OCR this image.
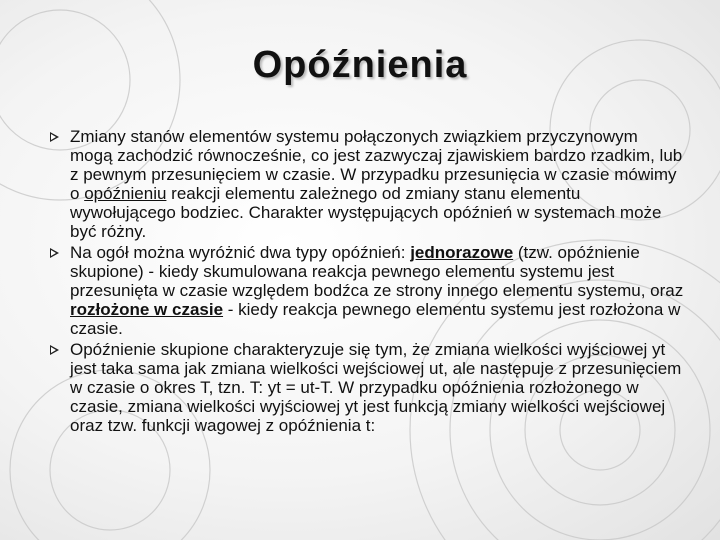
Opóźnienia
Zmiany stanów elementów systemu połączonych związkiem przyczynowym mogą zachodzić równocześnie, co jest zazwyczaj zjawiskiem bardzo rzadkim, lub z pewnym przesunięciem w czasie. W przypadku przesunięcia w czasie mówimy o opóźnieniu reakcji elementu zależnego od zmiany stanu elementu wywołującego bodziec. Charakter występujących opóźnień w systemach może być różny.
Na ogół można wyróżnić dwa typy opóźnień: jednorazowe (tzw. opóźnienie skupione) - kiedy skumulowana reakcja pewnego elementu systemu jest przesunięta w czasie względem bodźca ze strony innego elementu systemu, oraz rozłożone w czasie - kiedy reakcja pewnego elementu systemu jest rozłożona w czasie.
Opóźnienie skupione charakteryzuje się tym, że zmiana wielkości wyjściowej yt jest taka sama jak zmiana wielkości wejściowej ut, ale następuje z przesunięciem w czasie o okres T, tzn. T: yt = ut-T. W przypadku opóźnienia rozłożonego w czasie, zmiana wielkości wyjściowej yt jest funkcją zmiany wielkości wejściowej oraz tzw. funkcji wagowej z opóźnienia t:
